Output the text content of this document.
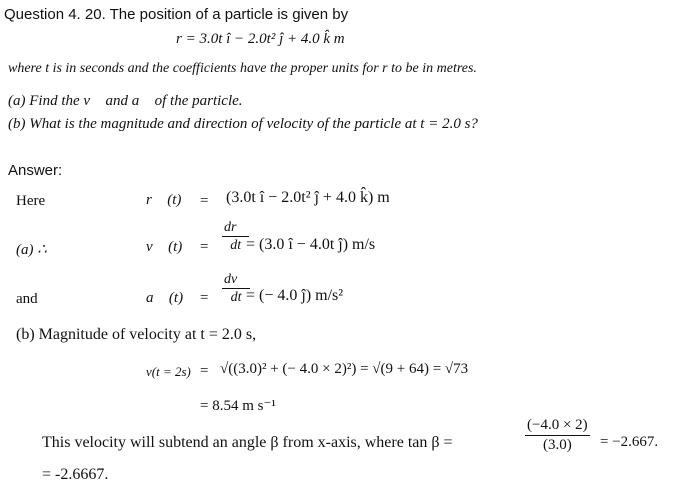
Question 4. 20. The position of a particle is given by
r = 3.0t î − 2.0t² ĵ + 4.0 k̂ m
where t is in seconds and the coefficients have the proper units for r to be in metres.
(a) Find the v⃗ and a⃗ of the particle.
(b) What is the magnitude and direction of velocity of the particle at t = 2.0 s?
Answer:
Here	r⃗ (t) = (3.0t î − 2.0t² ĵ + 4.0 k̂) m
(a) ∴	v⃗ $(t) = \frac{dr⃗}{dt}$
= (3.0 î − 4.0t ĵ) m/s
and	a⃗ $(t) = \frac{dv⃗}{dt}$
= (− 4.0 ĵ) m/s²
(b) Magnitude of velocity at t = 2.0 s,
v(t = 2s) = √((3.0)² + (− 4.0 × 2)²) = √(9 + 64) = √73
= 8.54 m s⁻¹
This velocity will subtend an angle β from x-axis, where tan β =	$\frac{(-4.0 \times 2)}{(3.0)} = -2.667$.
= -2.6667.
